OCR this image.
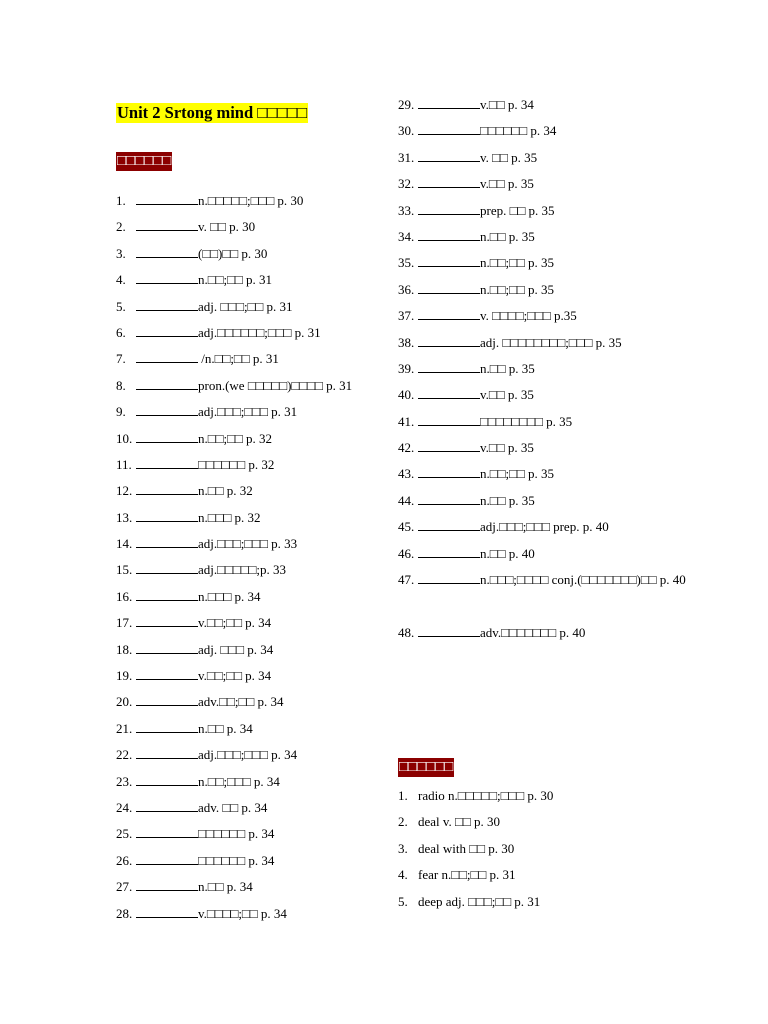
Unit 2 Srtong mind □□□□□
□□□□□□
1.	n.□□□□□;□□□ p. 30
2.	v. □□ p. 30
3.	(□□)□□ p. 30
4.	n.□□;□□ p. 31
5.	adj. □□□;□□ p. 31
6.	adj.□□□□□□;□□□ p. 31
7.	/n.□□;□□ p. 31
8.	pron.(we □□□□□)□□□□ p. 31
9.	adj.□□□;□□□ p. 31
10.	n.□□;□□ p. 32
11.	□□□□□□ p. 32
12.	n.□□ p. 32
13.	n.□□□ p. 32
14.	adj.□□□;□□□ p. 33
15.	adj.□□□□□;p. 33
16.	n.□□□ p. 34
17.	v.□□;□□ p. 34
18.	adj. □□□ p. 34
19.	v.□□;□□ p. 34
20.	adv.□□;□□ p. 34
21.	n.□□ p. 34
22.	adj.□□□;□□□ p. 34
23.	n.□□;□□□ p. 34
24.	adv. □□ p. 34
25.	□□□□□□ p. 34
26.	□□□□□□ p. 34
27.	n.□□ p. 34
28.	v.□□□□;□□ p. 34
29.	v.□□ p. 34
30.	□□□□□□ p. 34
31.	v. □□ p. 35
32.	v.□□ p. 35
33.	prep. □□ p. 35
34.	n.□□ p. 35
35.	n.□□;□□ p. 35
36.	n.□□;□□ p. 35
37.	v. □□□□;□□□ p.35
38.	adj. □□□□□□□□;□□□ p. 35
39.	n.□□ p. 35
40.	v.□□ p. 35
41.	□□□□□□□□ p. 35
42.	v.□□ p. 35
43.	n.□□;□□ p. 35
44.	n.□□ p. 35
45.	adj.□□□;□□□ prep. p. 40
46.	n.□□ p. 40
47.	n.□□□;□□□□ conj.(□□□□□□□)□□ p. 40
48.	adv.□□□□□□□ p. 40
□□□□□□
1. radio n.□□□□□;□□□ p. 30
2. deal v. □□ p. 30
3. deal with □□ p. 30
4. fear n.□□;□□ p. 31
5. deep adj. □□□;□□ p. 31
